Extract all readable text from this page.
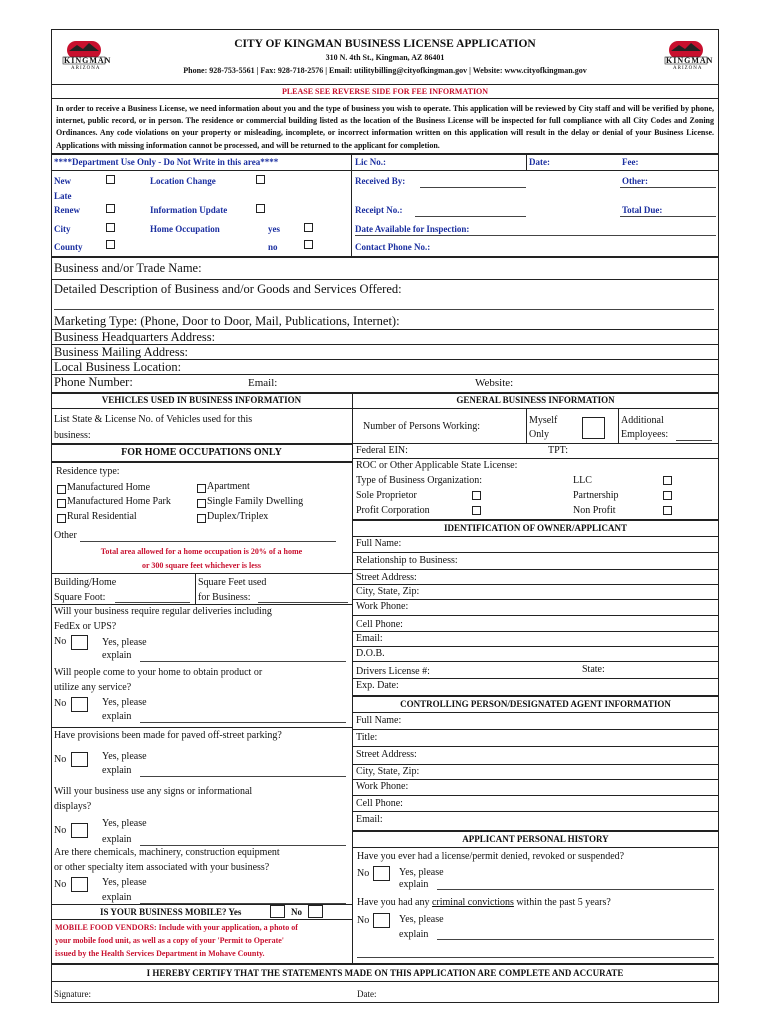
KINGMAN
ARIZONA
KINGMAN
ARIZONA
CITY OF KINGMAN BUSINESS LICENSE APPLICATION
310 N. 4th St., Kingman, AZ 86401
Phone: 928-753-5561 | Fax: 928-718-2576 | Email: utilitybilling@cityofkingman.gov | Website: www.cityofkingman.gov
PLEASE SEE REVERSE SIDE FOR FEE INFORMATION
In order to receive a Business License, we need information about you and the type of business you wish to operate. This application will be reviewed by City staff and will be verified by phone, internet, public record, or in person. The residence or commercial building listed as the location of the Business License will be inspected for full compliance with all City Codes and Zoning Ordinances. Any code violations on your property or misleading, incomplete, or incorrect information written on this application will result in the delay or denial of your Business License. Applications with missing information cannot be processed, and will be returned to the applicant for completion.
****Department Use Only - Do Not Write in this area****
New	Location Change
Late
Renew	Information Update
City	Home Occupation	yes
County	no
Lic No.:	Date:	Fee:
Received By:	Other:
Receipt No.:	Total Due:
Date Available for Inspection:
Contact Phone No.:
Business and/or Trade Name:
Detailed Description of Business and/or Goods and Services Offered:
Marketing Type: (Phone, Door to Door, Mail, Publications, Internet):
Business Headquarters Address:
Business Mailing Address:
Local Business Location:
Phone Number:	Email:	Website:
VEHICLES USED IN BUSINESS INFORMATION
List State & License No. of Vehicles used for this
business:
FOR HOME OCCUPATIONS ONLY
Residence type:
Manufactured Home	Apartment
Manufactured Home Park	Single Family Dwelling
Rural Residential	Duplex/Triplex
Other
Total area allowed for a home occupation is 20% of a home
or 300 square feet whichever is less
Building/Home
Square Foot:
Square Feet used
for Business:
Will your business require regular deliveries including
FedEx or UPS?
No	Yes, please
explain
Will people come to your home to obtain product or
utilize any service?
No	Yes, please
explain
Have provisions been made for paved off-street parking?
No	Yes, please
explain
Will your business use any signs or informational
displays?
No
Yes, please
explain
Are there chemicals, machinery, construction equipment
or other specialty item associated with your business?
No	Yes, please
explain
IS YOUR BUSINESS MOBILE? Yes	No
MOBILE FOOD VENDORS: Include with your application, a photo of
your mobile food unit, as well as a copy of your 'Permit to Operate'
issued by the Health Services Department in Mohave County.
GENERAL BUSINESS INFORMATION
Number of Persons Working:
Myself
Only
Additional
Employees:
Federal EIN:	TPT:
ROC or Other Applicable State License:
Type of Business Organization:	LLC
Sole Proprietor	Partnership
Profit Corporation	Non Profit
IDENTIFICATION OF OWNER/APPLICANT
Full Name:
Relationship to Business:
Street Address:
City, State, Zip:
Work Phone:
Cell Phone:
Email:
D.O.B.
Drivers License #:	State:
Exp. Date:
CONTROLLING PERSON/DESIGNATED AGENT INFORMATION
Full Name:
Title:
Street Address:
City, State, Zip:
Work Phone:
Cell Phone:
Email:
APPLICANT PERSONAL HISTORY
Have you ever had a license/permit denied, revoked or suspended?
No	Yes, please
explain
Have you had any criminal convictions within the past 5 years?
No	Yes, please
explain
I HEREBY CERTIFY THAT THE STATEMENTS MADE ON THIS APPLICATION ARE COMPLETE AND ACCURATE
Signature:	Date:
